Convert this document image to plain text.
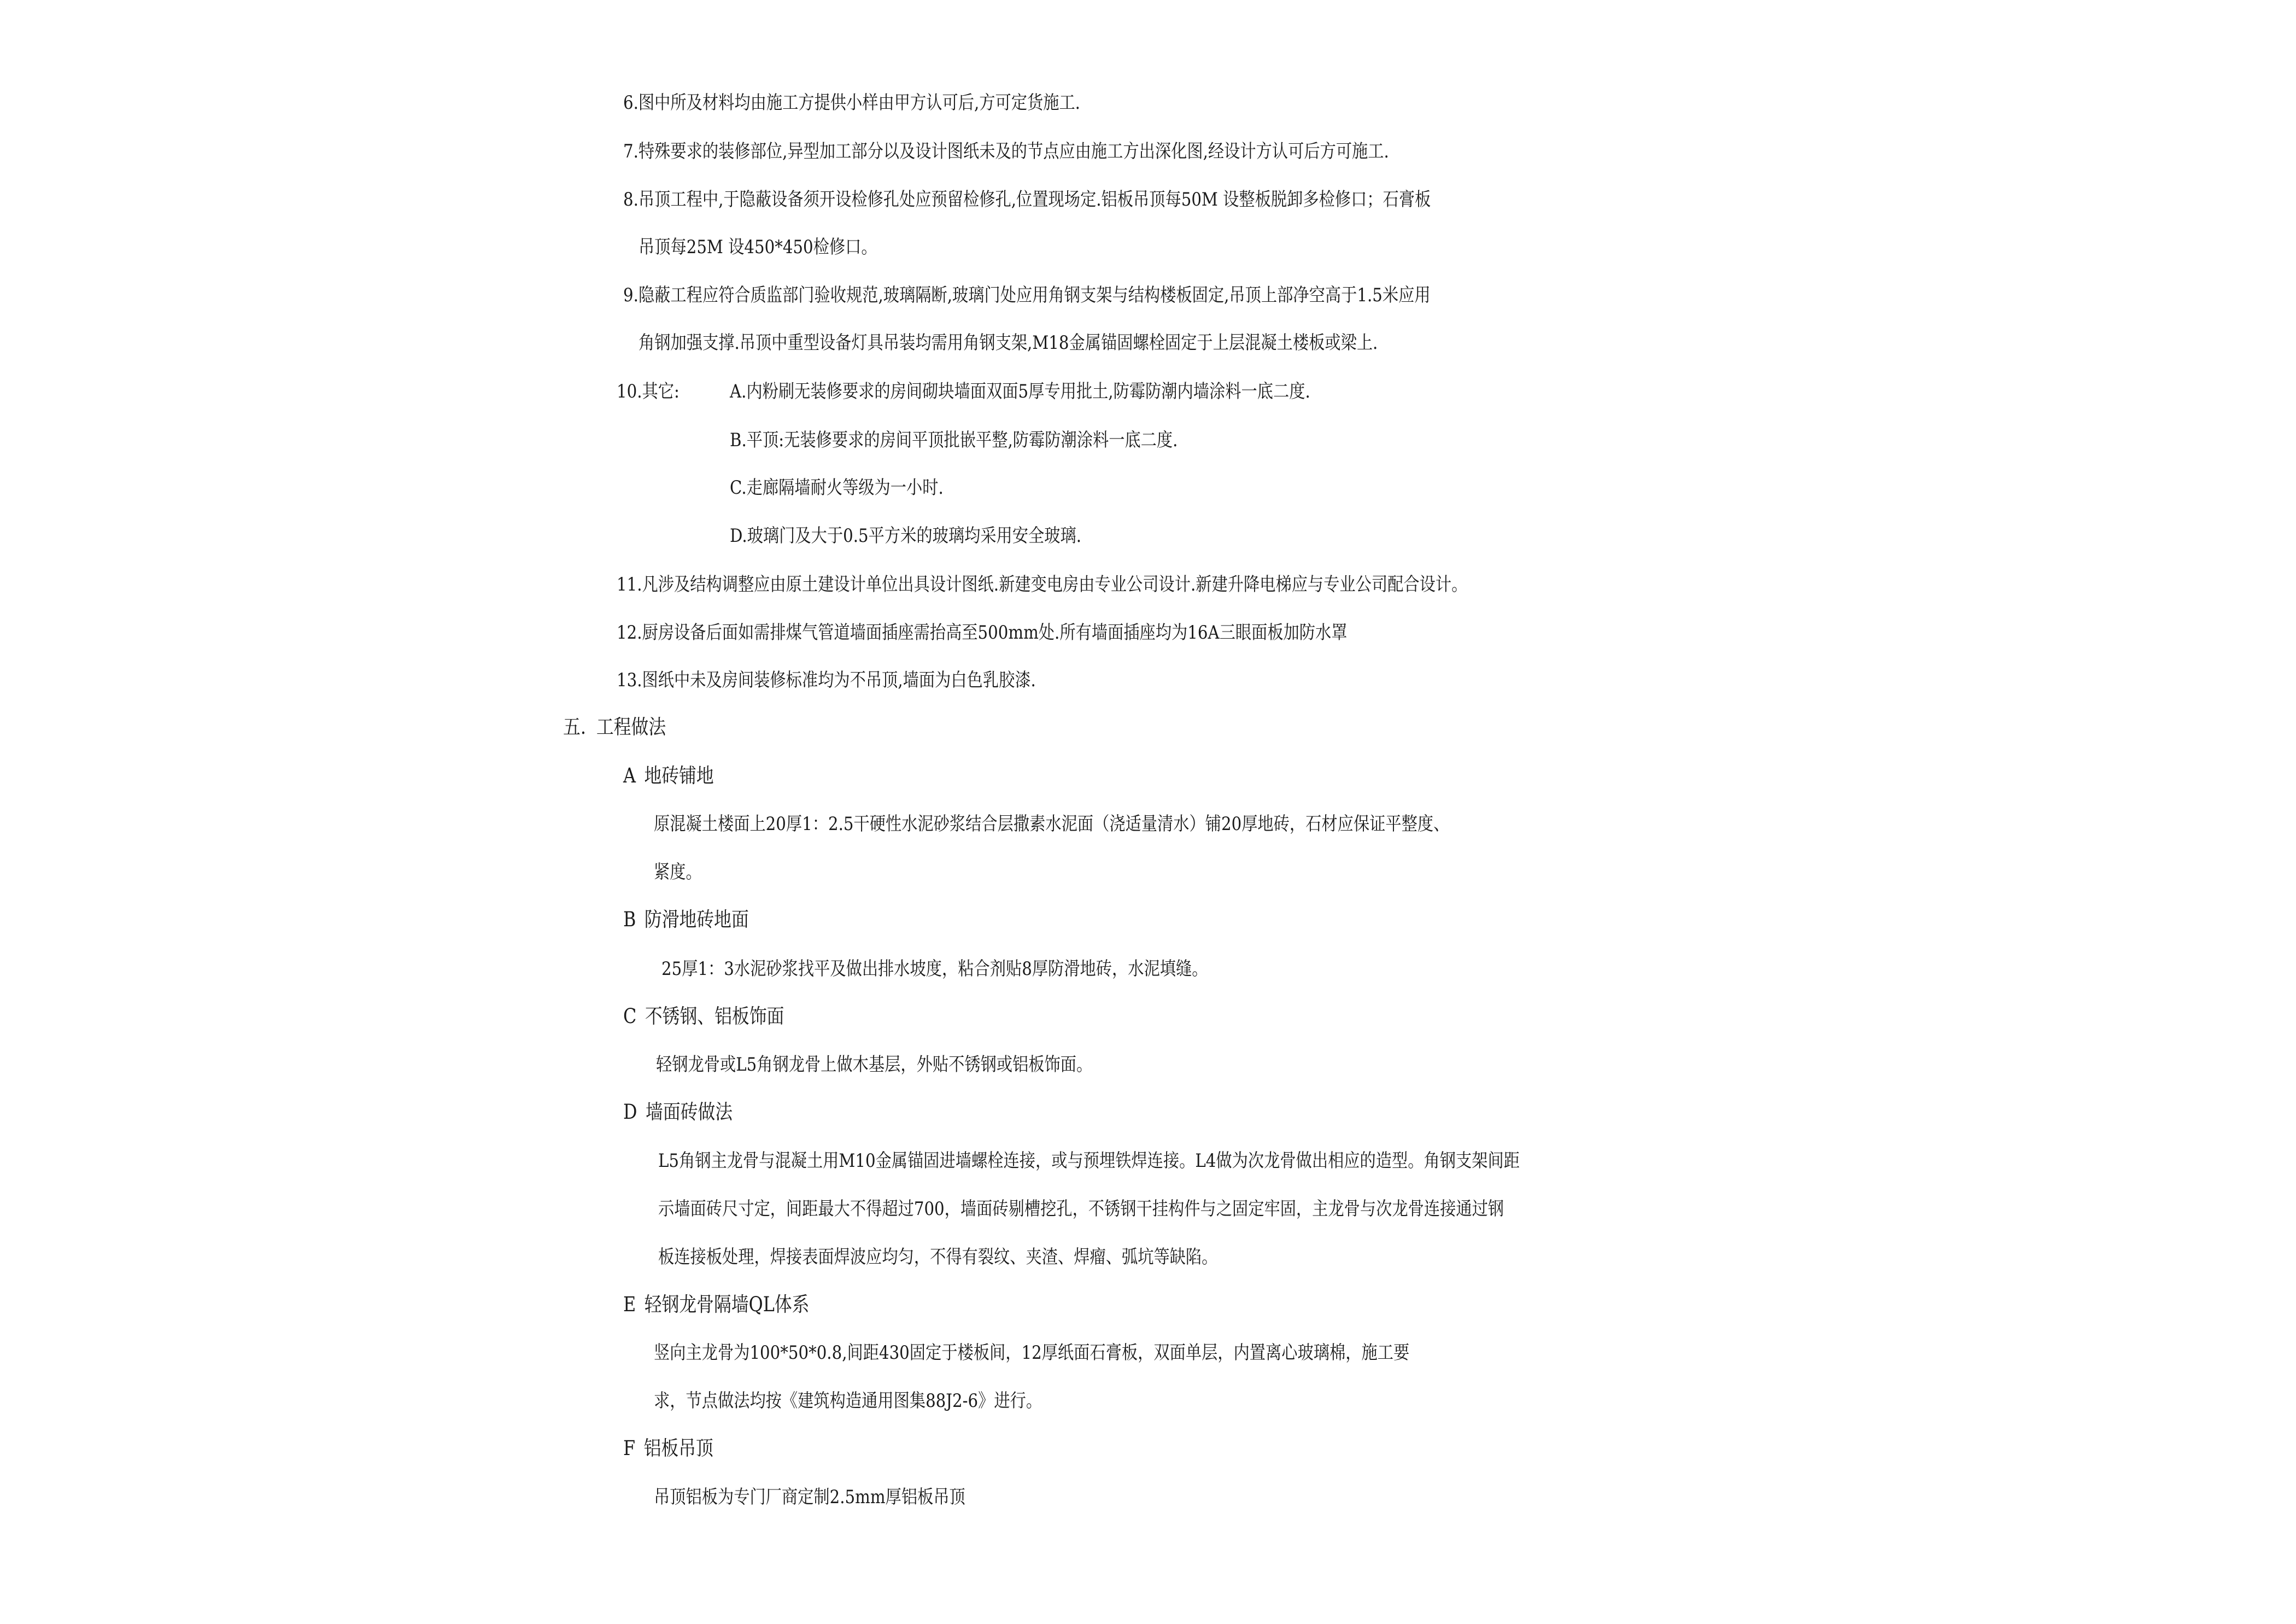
6.图中所及材料均由施工方提供小样由甲方认可后,方可定货施工.
7.特殊要求的装修部位,异型加工部分以及设计图纸未及的节点应由施工方出深化图,经设计方认可后方可施工.
8.吊顶工程中,于隐蔽设备须开设检修孔处应预留检修孔,位置现场定.铝板吊顶每50M 设整板脱卸多检修口；石膏板
吊顶每25M 设450*450检修口。
9.隐蔽工程应符合质监部门验收规范,玻璃隔断,玻璃门处应用角钢支架与结构楼板固定,吊顶上部净空高于1.5米应用
角钢加强支撑.吊顶中重型设备灯具吊装均需用角钢支架,M18金属锚固螺栓固定于上层混凝土楼板或梁上.
10.其它:	A.内粉刷无装修要求的房间砌块墙面双面5厚专用批土,防霉防潮内墙涂料一底二度.
B.平顶:无装修要求的房间平顶批嵌平整,防霉防潮涂料一底二度.
C.走廊隔墙耐火等级为一小时.
D.玻璃门及大于0.5平方米的玻璃均采用安全玻璃.
11.凡涉及结构调整应由原土建设计单位出具设计图纸.新建变电房由专业公司设计.新建升降电梯应与专业公司配合设计。
12.厨房设备后面如需排煤气管道墙面插座需抬高至500mm处.所有墙面插座均为16A三眼面板加防水罩
13.图纸中未及房间装修标准均为不吊顶,墙面为白色乳胶漆.
五. 工程做法
A 地砖铺地
原混凝土楼面上20厚1：2.5干硬性水泥砂浆结合层撒素水泥面（浇适量清水）铺20厚地砖，石材应保证平整度、
紧度。
B 防滑地砖地面
25厚1：3水泥砂浆找平及做出排水坡度，粘合剂贴8厚防滑地砖，水泥填缝。
C 不锈钢、铝板饰面
轻钢龙骨或L5角钢龙骨上做木基层，外贴不锈钢或铝板饰面。
D 墙面砖做法
L5角钢主龙骨与混凝土用M10金属锚固进墙螺栓连接，或与预埋铁焊连接。L4做为次龙骨做出相应的造型。角钢支架间距
示墙面砖尺寸定，间距最大不得超过700，墙面砖剔槽挖孔，不锈钢干挂构件与之固定牢固，主龙骨与次龙骨连接通过钢
板连接板处理，焊接表面焊波应均匀，不得有裂纹、夹渣、焊瘤、弧坑等缺陷。
E 轻钢龙骨隔墙QL体系
竖向主龙骨为100*50*0.8,间距430固定于楼板间，12厚纸面石膏板，双面单层，内置离心玻璃棉，施工要
求，节点做法均按《建筑构造通用图集88J2-6》进行。
F 铝板吊顶
吊顶铝板为专门厂商定制2.5mm厚铝板吊顶
